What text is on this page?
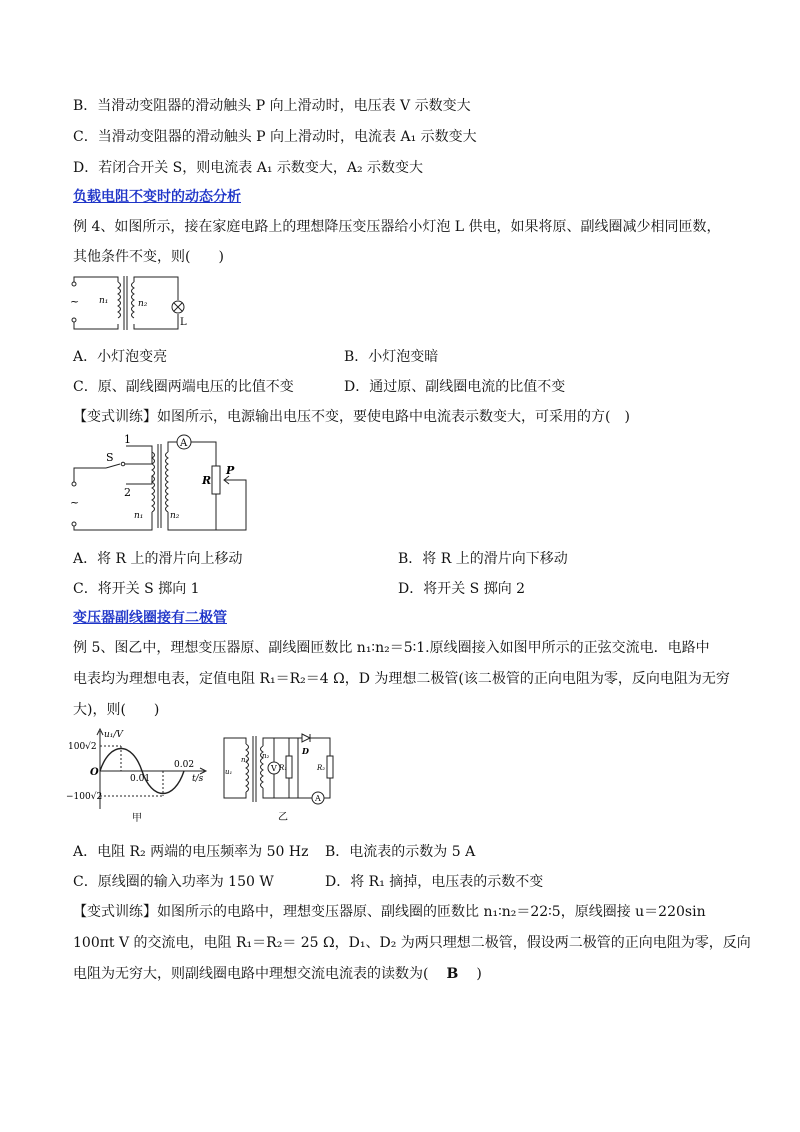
B．当滑动变阻器的滑动触头 P 向上滑动时，电压表 V 示数变大
C．当滑动变阻器的滑动触头 P 向上滑动时，电流表 A₁ 示数变大
D．若闭合开关 S，则电流表 A₁ 示数变大，A₂ 示数变大
负载电阻不变时的动态分析
例 4、如图所示，接在家庭电路上的理想降压变压器给小灯泡 L 供电，如果将原、副线圈减少相同匝数，
其他条件不变，则(　　)
~ n₁	n₂
L
A．小灯泡变亮	B．小灯泡变暗
C．原、副线圈两端电压的比值不变	D．通过原、副线圈电流的比值不变
【变式训练】如图所示，电源输出电压不变，要使电路中电流表示数变大，可采用的方(　)
1
S
2
~
n₁	n₂
A
R
P
A．将 R 上的滑片向上移动	B．将 R 上的滑片向下移动
C．将开关 S 掷向 1	D．将开关 S 掷向 2
变压器副线圈接有二极管
例 5、图乙中，理想变压器原、副线圈匝数比 n₁∶n₂＝5∶1.原线圈接入如图甲所示的正弦交流电．电路中
电表均为理想电表，定值电阻 R₁＝R₂＝4 Ω，D 为理想二极管(该二极管的正向电阻为零，反向电阻为无穷
大)，则(　　)
u₁/V
100√2
−100√2
O
0.01
0.02
t/s
甲
n₁
u₁
n₂
V R₁	R₂
D
A
乙
A．电阻 R₂ 两端的电压频率为 50 Hz B．电流表的示数为 5 A
C．原线圈的输入功率为 150 W	D．将 R₁ 摘掉，电压表的示数不变
【变式训练】如图所示的电路中，理想变压器原、副线圈的匝数比 n₁∶n₂＝22∶5，原线圈接 u＝220sin
100πt V 的交流电，电阻 R₁＝R₂＝ 25 Ω，D₁、D₂ 为两只理想二极管，假设两二极管的正向电阻为零，反向
电阻为无穷大，则副线圈电路中理想交流电流表的读数为( B )
